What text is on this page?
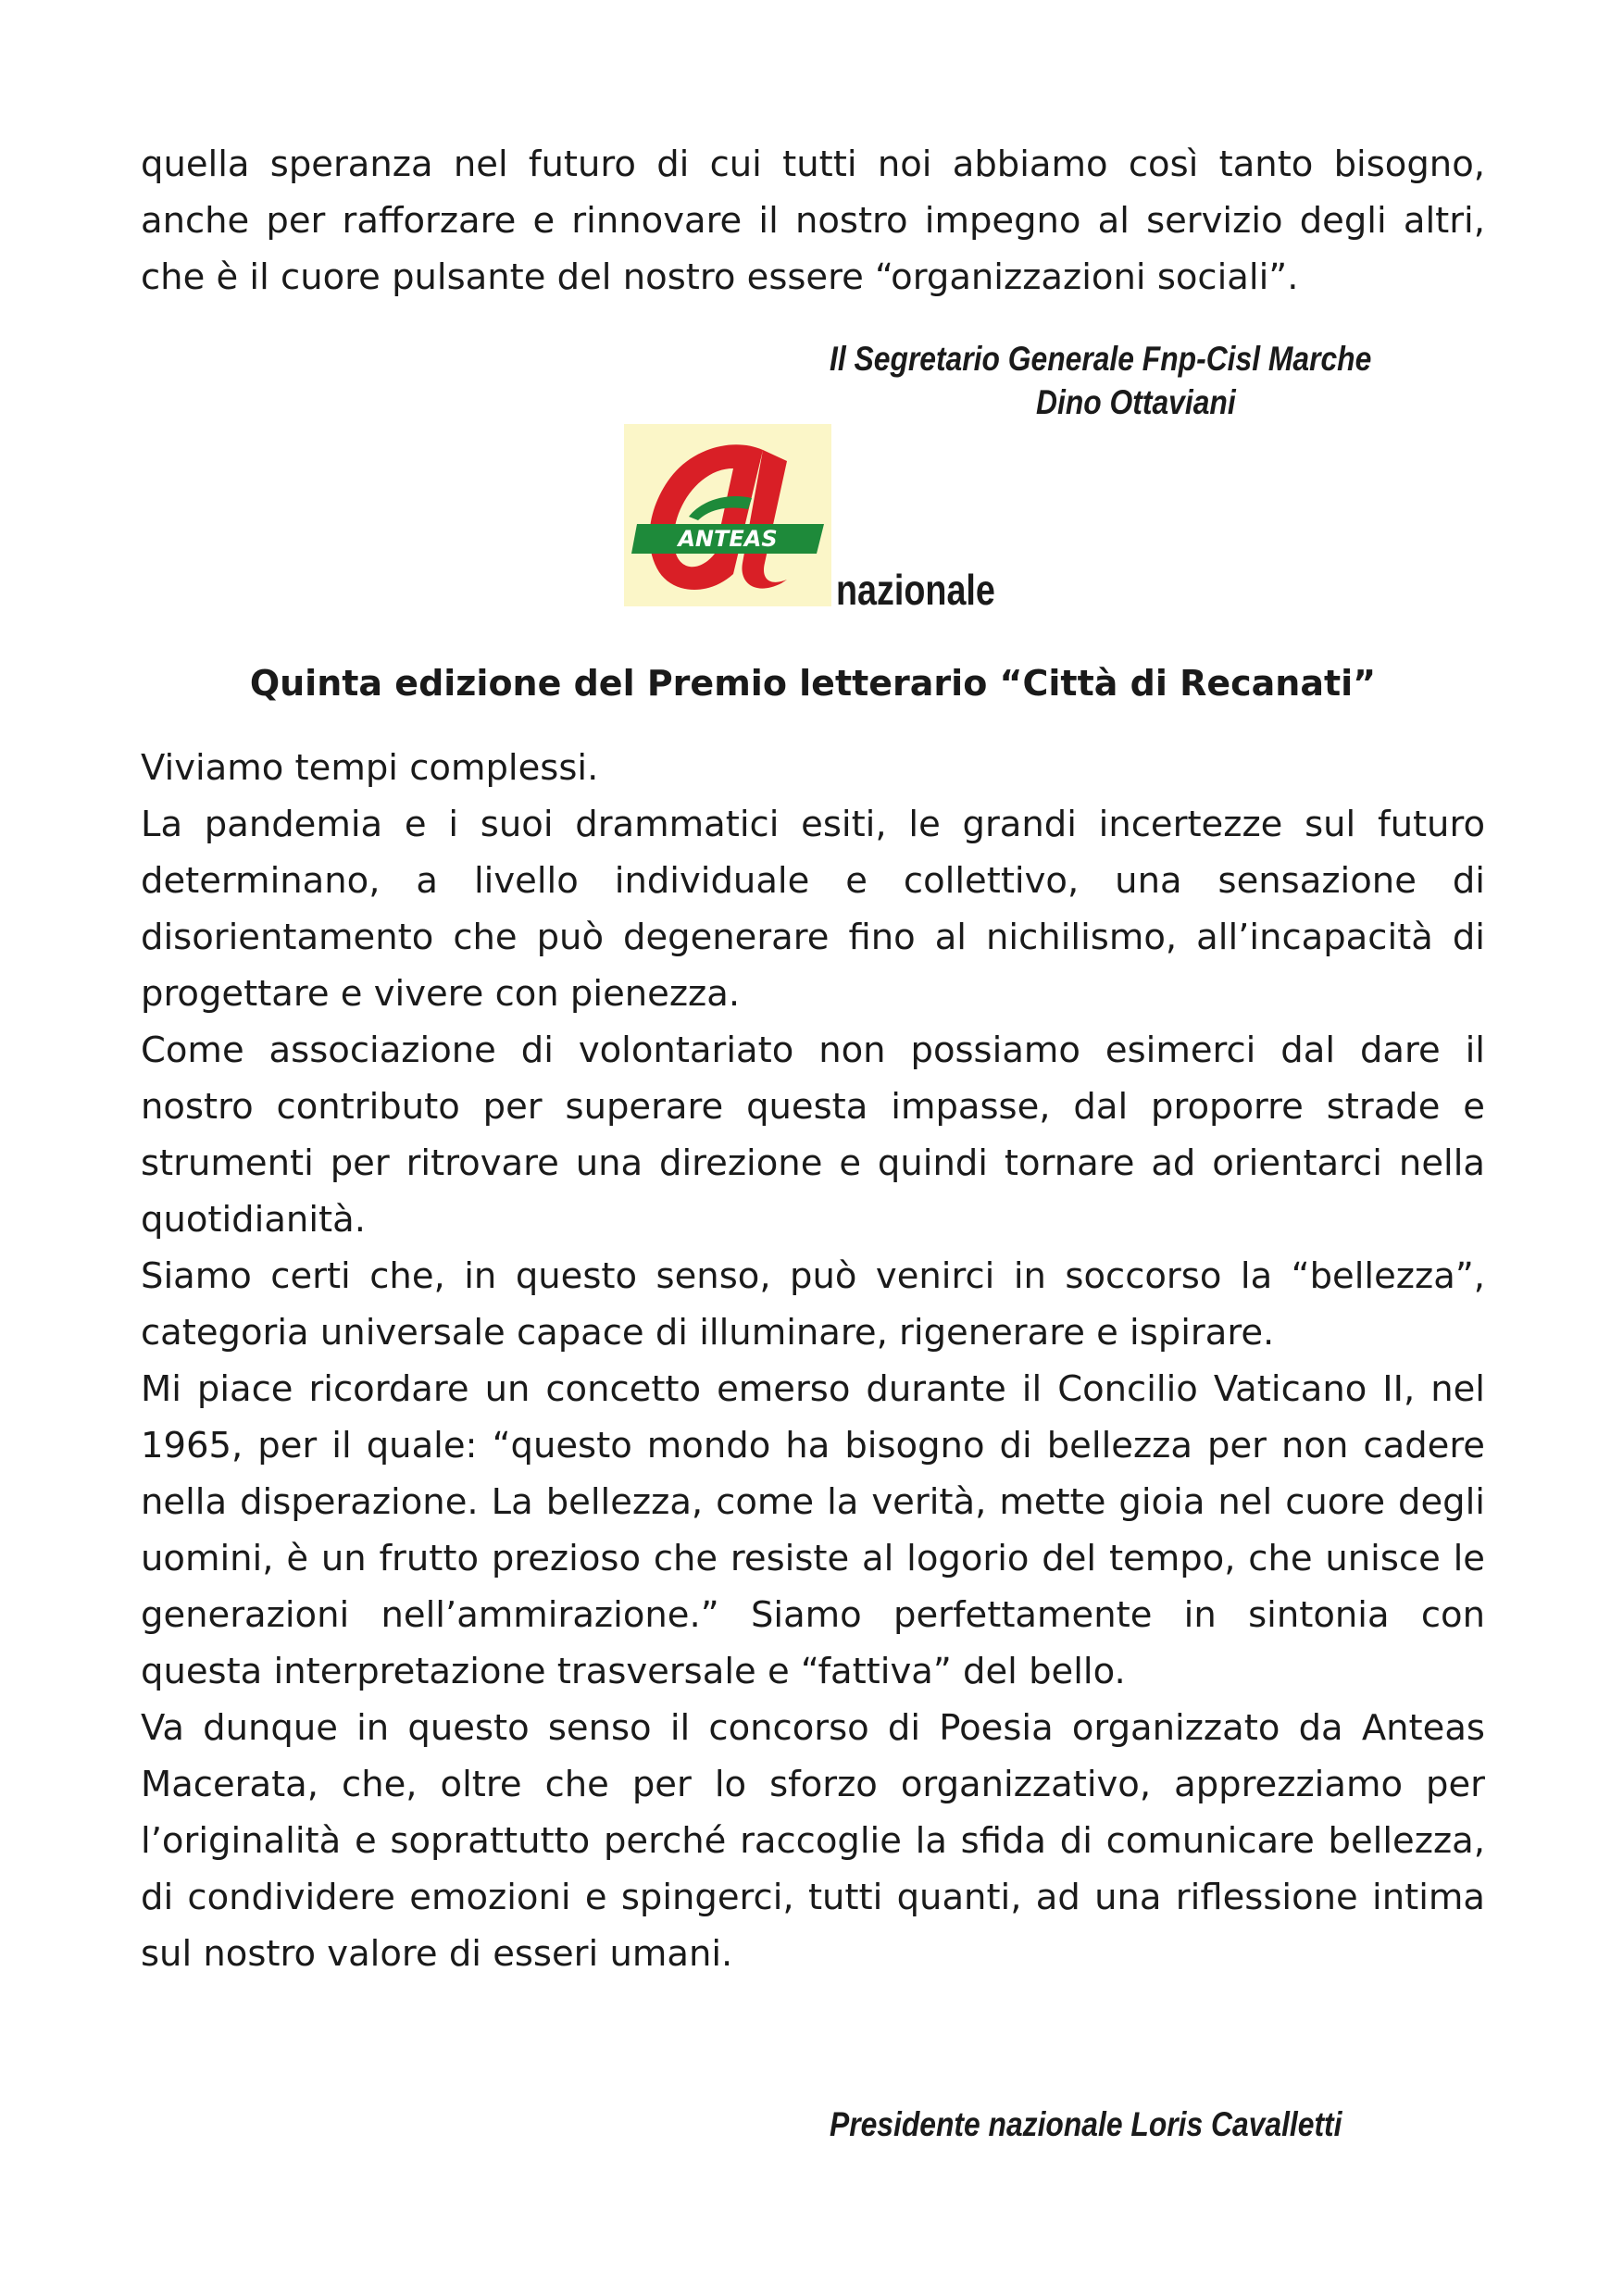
quella speranza nel futuro di cui tutti noi abbiamo così tanto bisogno, anche per rafforzare e rinnovare il nostro impegno al servizio degli altri, che è il cuore pulsante del nostro essere “organizzazioni sociali”.

Il Segretario Generale Fnp-Cisl Marche

Dino Ottaviani

ANTEAS
nazionale

Quinta edizione del Premio letterario “Città di Recanati”

Viviamo tempi complessi.

La pandemia e i suoi drammatici esiti, le grandi incertezze sul futuro determinano, a livello individuale e collettivo, una sensazione di disorientamento che può degenerare fino al nichilismo, all’incapacità di progettare e vivere con pienezza.

Come associazione di volontariato non possiamo esimerci dal dare il nostro contributo per superare questa impasse, dal proporre strade e strumenti per ritrovare una direzione e quindi tornare ad orientarci nella quotidianità.

Siamo certi che, in questo senso, può venirci in soccorso la “bellezza”, categoria universale capace di illuminare, rigenerare e ispirare.

Mi piace ricordare un concetto emerso durante il Concilio Vaticano II, nel 1965, per il quale: “questo mondo ha bisogno di bellezza per non cadere nella disperazione. La bellezza, come la verità, mette gioia nel cuore degli uomini, è un frutto prezioso che resiste al logorio del tempo, che unisce le generazioni nell’ammirazione.” Siamo perfettamente in sintonia con questa interpretazione trasversale e “fattiva” del bello.

Va dunque in questo senso il concorso di Poesia organizzato da Anteas Macerata, che, oltre che per lo sforzo organizzativo, apprezziamo per l’originalità e soprattutto perché raccoglie la sfida di comunicare bellezza, di condividere emozioni e spingerci, tutti quanti, ad una riflessione intima sul nostro valore di esseri umani.

Presidente nazionale Loris Cavalletti
